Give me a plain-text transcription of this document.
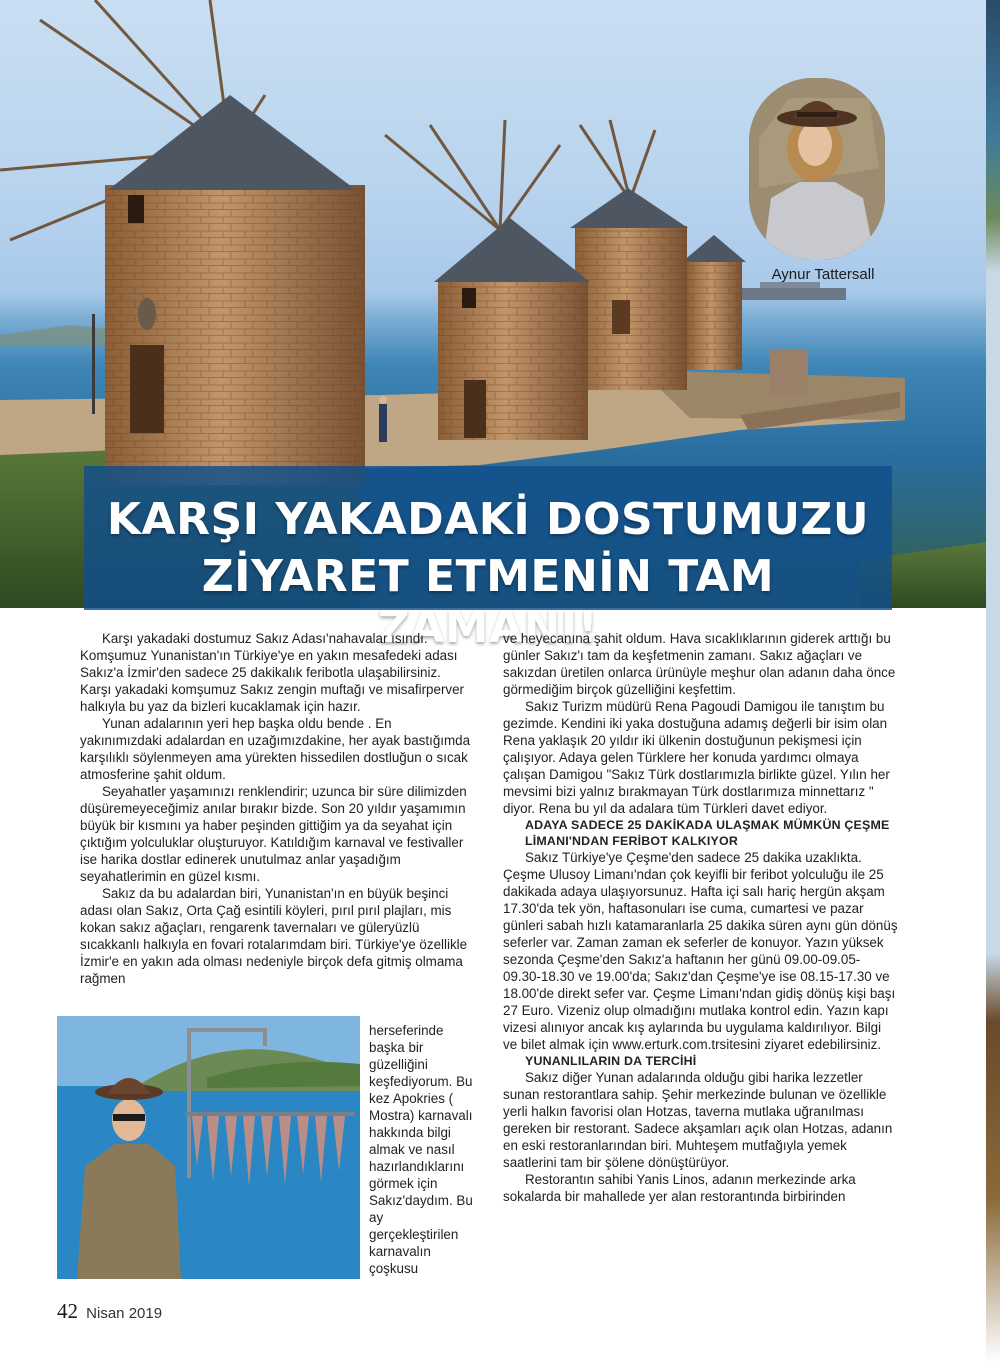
Aynur Tattersall
KARŞI YAKADAKİ DOSTUMUZU
ZİYARET ETMENİN TAM ZAMANI!

Karşı yakadaki dostumuz Sakız Adası'nahavalar ısındı. Komşumuz Yunanistan'ın Türkiye'ye en yakın mesafedeki adası Sakız'a İzmir'den sadece 25 dakikalık feribotla ulaşabilirsiniz. Karşı yakadaki komşumuz Sakız zengin muftağı ve misafirperver halkıyla bu yaz da bizleri kucaklamak için hazır.

Yunan adalarının yeri hep başka oldu bende . En yakınımızdaki adalardan en uzağımızdakine, her ayak bastığımda karşılıklı söylenmeyen ama yürekten hissedilen dostluğun o sıcak atmosferine şahit oldum.

Seyahatler yaşamınızı renklendirir; uzunca bir süre dilimizden düşüremeyeceğimiz anılar bırakır bizde. Son 20 yıldır yaşamımın büyük bir kısmını ya haber peşinden gittiğim ya da seyahat için çıktığım yolculuklar oluşturuyor. Katıldığım karnaval ve festivaller ise harika dostlar edinerek unutulmaz anlar yaşadığım seyahatlerimin en güzel kısmı.

Sakız da bu adalardan biri, Yunanistan'ın en büyük beşinci adası olan Sakız, Orta Çağ esintili köyleri, pırıl pırıl plajları, mis kokan sakız ağaçları, rengarenk tavernaları ve güleryüzlü sıcakkanlı halkıyla en fovari rotalarımdam biri. Türkiye'ye özellikle İzmir'e en yakın ada olması nedeniyle birçok defa gitmiş olmama rağmen

herseferinde başka bir güzelliğini keşfediyorum. Bu kez Apokries ( Mostra) karnavalı hakkında bilgi almak ve nasıl hazırlandıklarını görmek için Sakız'daydım. Bu ay gerçekleştirilen karnavalın çoşkusu

ve heyecanına şahit oldum. Hava sıcaklıklarının giderek arttığı bu günler Sakız'ı tam da keşfetmenin zamanı. Sakız ağaçları ve sakızdan üretilen onlarca ürünüyle meşhur olan adanın daha önce görmediğim birçok güzelliğini keşfettim.

Sakız Turizm müdürü Rena Pagoudi Damigou ile tanıştım bu gezimde. Kendini iki yaka dostuğuna adamış değerli bir isim olan Rena yaklaşık 20 yıldır iki ülkenin dostuğunun pekişmesi için çalışıyor. Adaya gelen Türklere her konuda yardımcı olmaya çalışan Damigou "Sakız Türk dostlarımızla birlikte güzel. Yılın her mevsimi bizi yalnız bırakmayan Türk dostlarımıza minnettarız " diyor. Rena bu yıl da adalara tüm Türkleri davet ediyor.

ADAYA SADECE 25 DAKİKADA ULAŞMAK MÜMKÜN ÇEŞME LİMANI'NDAN FERİBOT KALKIYOR

Sakız Türkiye'ye Çeşme'den sadece 25 dakika uzaklıkta. Çeşme Ulusoy Limanı'ndan çok keyifli bir feribot yolculuğu ile 25 dakikada adaya ulaşıyorsunuz. Hafta içi salı hariç hergün akşam 17.30'da tek yön, haftasonuları ise cuma, cumartesi ve pazar günleri sabah hızlı katamaranlarla 25 dakika süren aynı gün dönüş seferler var. Zaman zaman ek seferler de konuyor. Yazın yüksek sezonda Çeşme'den Sakız'a haftanın her günü 09.00-09.05-09.30-18.30 ve 19.00'da; Sakız'dan Çeşme'ye ise 08.15-17.30 ve 18.00'de direkt sefer var. Çeşme Limanı'ndan gidiş dönüş kişi başı 27 Euro. Vizeniz olup olmadığını mutlaka kontrol edin. Yazın kapı vizesi alınıyor ancak kış aylarında bu uygulama kaldırılıyor. Bilgi ve bilet almak için www.erturk.com.trsitesini ziyaret edebilirsiniz.

YUNANLILARIN DA TERCİHİ

Sakız diğer Yunan adalarında olduğu gibi harika lezzetler sunan restorantlara sahip. Şehir merkezinde bulunan ve özellikle yerli halkın favorisi olan Hotzas, taverna mutlaka uğranılması gereken bir restorant. Sadece akşamları açık olan Hotzas, adanın en eski restoranlarından biri. Muhteşem mutfağıyla yemek saatlerini tam bir şölene dönüştürüyor.

Restorantın sahibi Yanis Linos, adanın merkezinde arka sokalarda bir mahallede yer alan restorantında birbirinden

42 Nisan 2019
